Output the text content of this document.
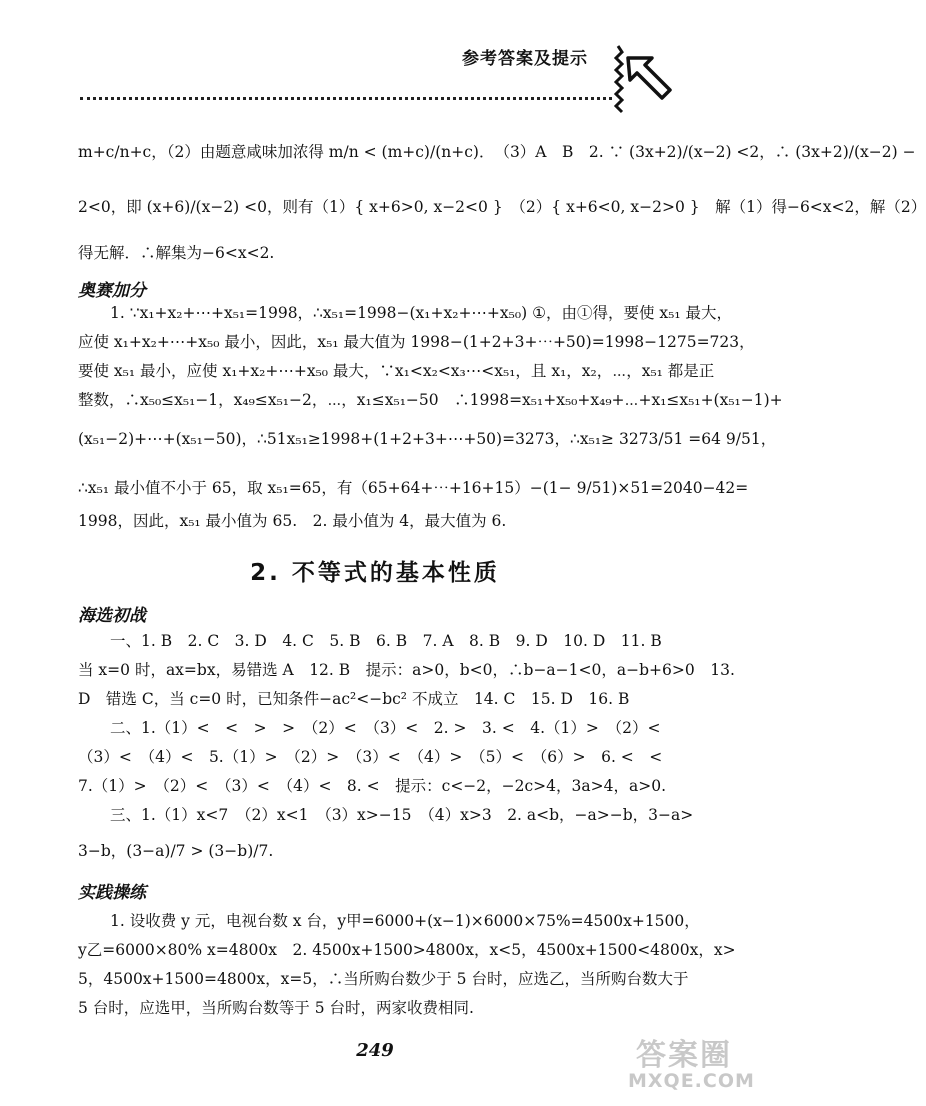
参考答案及提示
m+c/n+c，（2）由题意咸味加浓得 m/n < (m+c)/(n+c)．　（3）A　B　2. ∵ (3x+2)/(x−2) <2，∴ (3x+2)/(x−2) −
2<0，即 (x+6)/(x−2) <0，则有（1）{ x+6>0, x−2<0 }　（2）{ x+6<0, x−2>0 }　解（1）得−6<x<2，解（2）
得无解．∴解集为−6<x<2.
奥赛加分
1. ∵x₁+x₂+⋯+x₅₁=1998，∴x₅₁=1998−(x₁+x₂+⋯+x₅₀) ①，由①得，要使 x₅₁ 最大，
应使 x₁+x₂+⋯+x₅₀ 最小，因此，x₅₁ 最大值为 1998−(1+2+3+⋯+50)=1998−1275=723，
要使 x₅₁ 最小，应使 x₁+x₂+⋯+x₅₀ 最大，∵x₁<x₂<x₃⋯<x₅₁，且 x₁，x₂，⋯，x₅₁ 都是正
整数，∴x₅₀≤x₅₁−1，x₄₉≤x₅₁−2，⋯，x₁≤x₅₁−50　∴1998=x₅₁+x₅₀+x₄₉+⋯+x₁≤x₅₁+(x₅₁−1)+
(x₅₁−2)+⋯+(x₅₁−50)，∴51x₅₁≥1998+(1+2+3+⋯+50)=3273，∴x₅₁≥ 3273/51 =64 9/51，
∴x₅₁ 最小值不小于 65，取 x₅₁=65，有（65+64+⋯+16+15）−(1− 9/51)×51=2040−42=
1998，因此，x₅₁ 最小值为 65.　2. 最小值为 4，最大值为 6.
2. 不等式的基本性质
海选初战
一、1. B　2. C　3. D　4. C　5. B　6. B　7. A　8. B　9. D　10. D　11. B
当 x=0 时，ax=bx，易错选 A　12. B　提示：a>0，b<0，∴b−a−1<0，a−b+6>0　13.
D　错选 C，当 c=0 时，已知条件−ac²<−bc² 不成立　14. C　15. D　16. B
二、1.（1）<　<　>　>　（2）<　（3）<　2. >　3. <　4.（1）>　（2）<
（3）<　（4）<　5.（1）>　（2）>　（3）<　（4）>　（5）<　（6）>　6. <　<
7.（1）>　（2）<　（3）<　（4）<　8. <　提示：c<−2，−2c>4，3a>4，a>0.
三、1.（1）x<7　（2）x<1　（3）x>−15　（4）x>3　2. a<b，−a>−b，3−a>
3−b，(3−a)/7 > (3−b)/7.
实践操练
1. 设收费 y 元，电视台数 x 台，y甲=6000+(x−1)×6000×75%=4500x+1500，
y乙=6000×80% x=4800x　2. 4500x+1500>4800x，x<5，4500x+1500<4800x，x>
5，4500x+1500=4800x，x=5，∴当所购台数少于 5 台时，应选乙，当所购台数大于
5 台时，应选甲，当所购台数等于 5 台时，两家收费相同.
249	答案圈
MXQE.COM
